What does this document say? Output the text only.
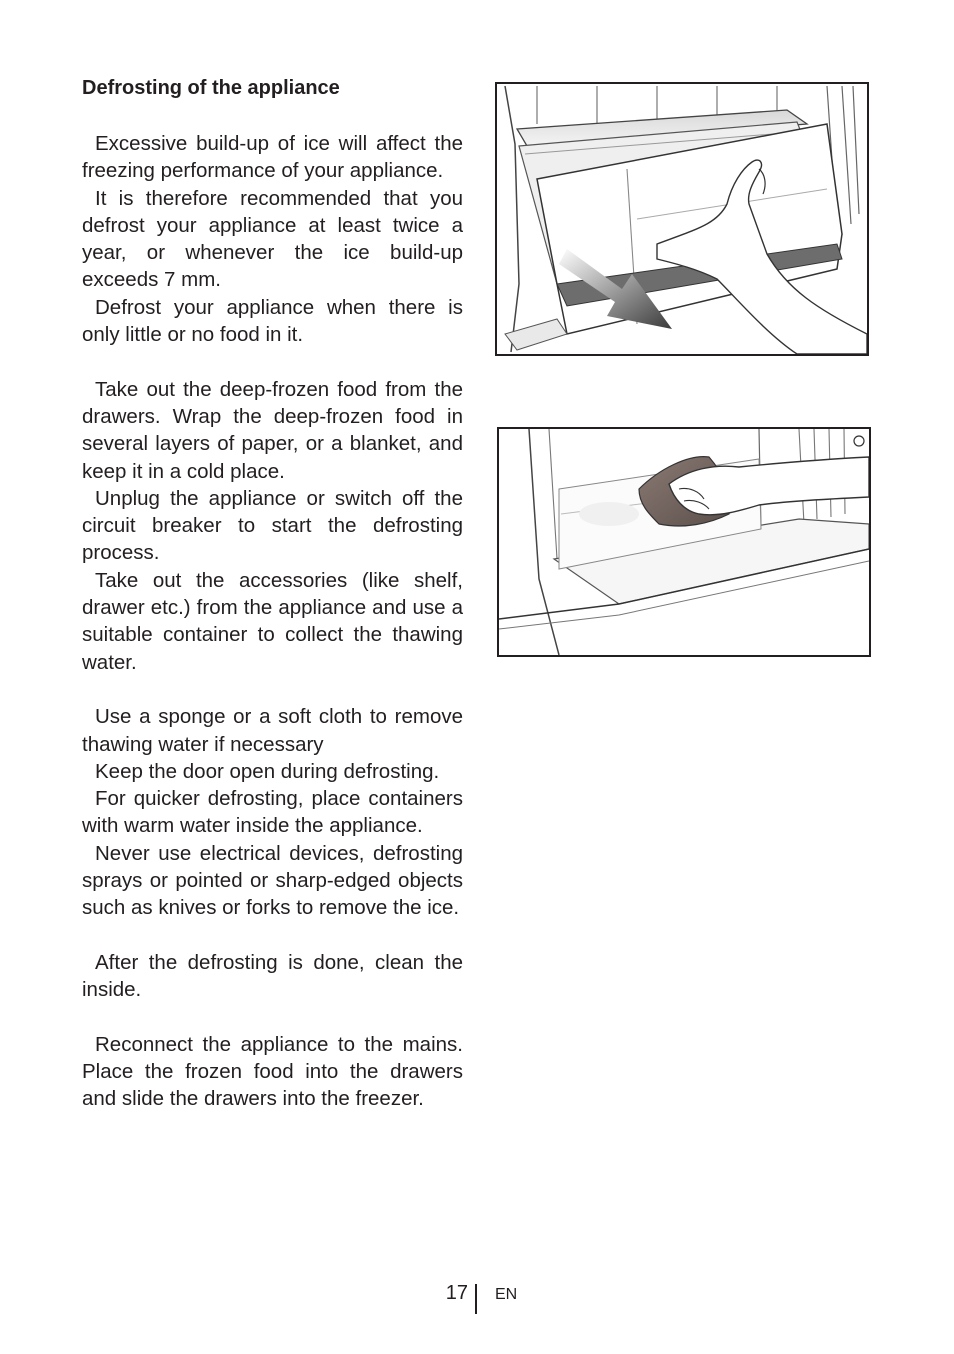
Defrosting of the appliance

Excessive build-up of ice will affect the freezing performance of your appliance.

It is therefore recommended that you defrost your appliance at least twice a year, or whenever the ice build-up exceeds 7 mm.

Defrost your appliance when there is only little or no food in it.

Take out the deep-frozen food from the drawers. Wrap the deep-frozen food in several layers of paper, or a blanket, and keep it in a cold place.

Unplug the appliance or switch off the circuit breaker to start the defrosting process.

Take out the accessories (like shelf, drawer etc.) from the appliance and use a suitable container to collect the thawing water.

Use a sponge or a soft cloth to remove thawing water if necessary

Keep the door open during defrosting.

For quicker defrosting, place containers with warm water inside the appliance.

Never use electrical devices, defrosting sprays or pointed or sharp-edged objects such as knives or forks to remove the ice.

After the defrosting is done, clean the inside.

Reconnect the appliance to the mains. Place the frozen food into the drawers and slide the drawers into the freezer.

17 EN
